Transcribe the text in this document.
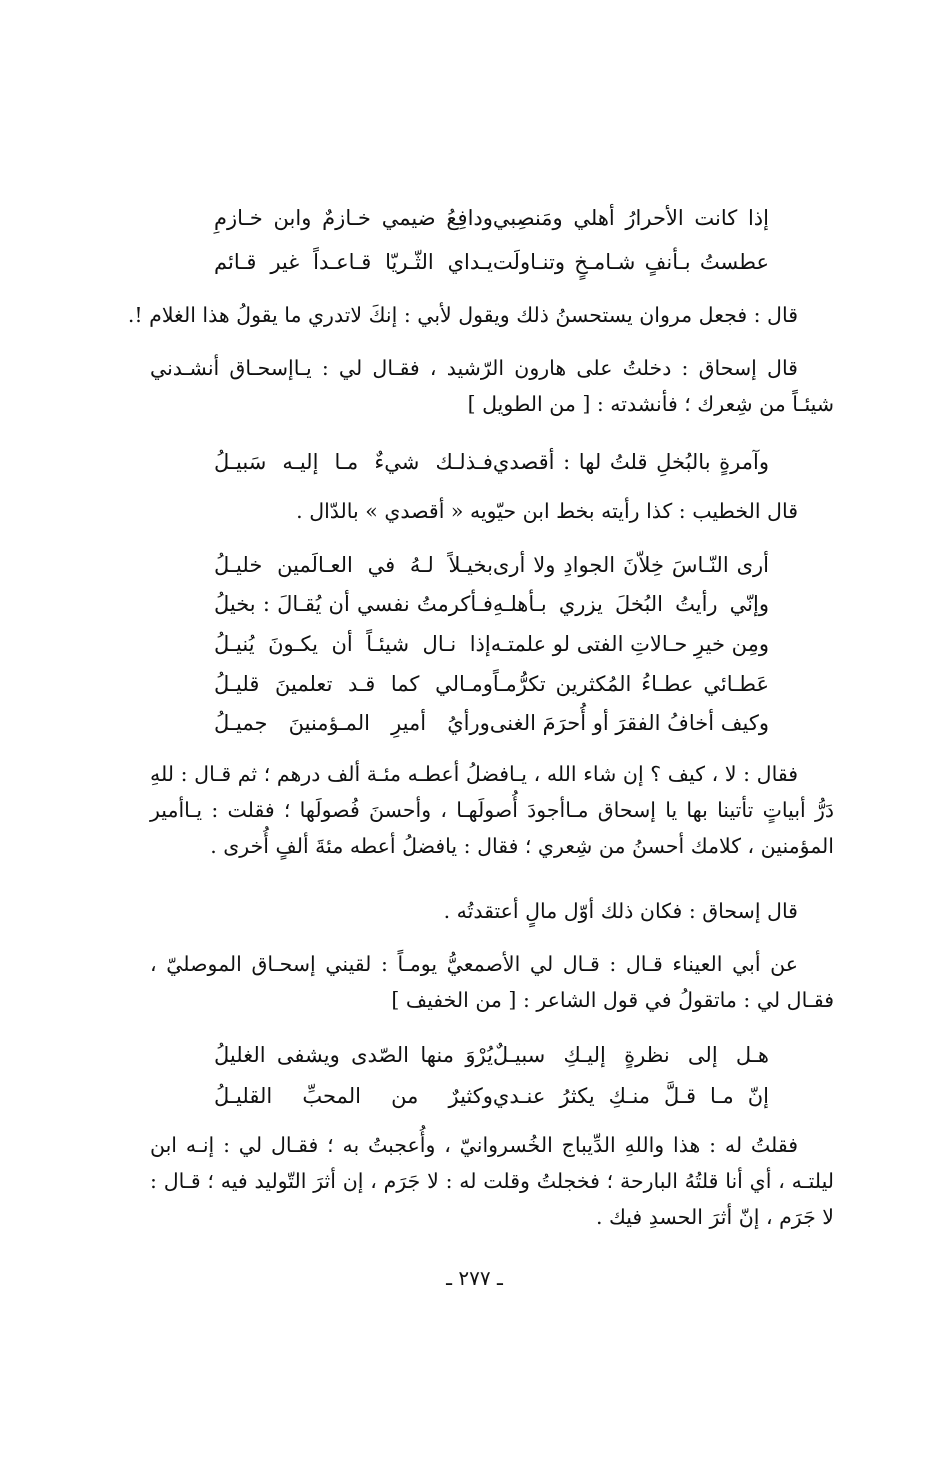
إذا كانت الأحرارُ أهلي ومَنصِبي
ودافِعُ ضيمي خـازمٌ وابن خـازمِ
عطستُ بـأنفٍ شـامـخٍ وتنـاولَت
يـداي الثّـريّا قـاعـداً غير قـائم
قال : فجعل مروان يستحسنُ ذلك ويقول لأبي : إنكَ لاتدري ما يقولُ هذا الغلام !.
قال إسحاق : دخلتُ على هارون الرّشيد ، فقـال لي : يـاإسحـاق أنشـدني شيئـاً من شِعرك ؛ فأنشدته : [ من الطويل ]
وآمرةٍ بالبُخلِ قلتُ لها : أقصدي
فـذلـك شيءٌ مـا إليـه سَبيـلُ
قال الخطيب : كذا رأيته بخط ابن حيّويه « أقصدي » بالدّال .
أرى النّـاسَ خِلاّنَ الجوادِ ولا أرى
بخيـلاً لـهُ في العـالَمين خليـلُ
وإنّي رأيتُ البُخلَ يزري بـأهلـهِ
فـأكرمتُ نفسي أن يُقـالَ : بخيلُ
ومِن خيرِ حـالاتِ الفتى لو علمتـه
إذا نـال شيئـاً أن يكـونَ يُنيـلُ
عَطـائي عطـاءُ المُكثرين تكرُّمـاً
ومـالي كما قـد تعلمينَ قليـلُ
وكيف أخافُ الفقرَ أو أُحرَمَ الغنى
ورأيُ أميرِ المـؤمنينَ جميـلُ
فقال : لا ، كيف ؟ إن شاء الله ، يـافضلُ أعطـه مئـة ألف درهم ؛ ثم قـال : للهِ دَرُّ أبياتٍ تأتينا بها يا إسحاق مـاأجودَ أُصولَهـا ، وأحسنَ فُصولَها ؛ فقلت : يـاأمير المؤمنين ، كلامك أحسنُ من شِعري ؛ فقال : يافضلُ أعطه مئةَ ألفٍ أُخرى .
قال إسحاق : فكان ذلك أوّل مالٍ أعتقدتُه .
عن أبي العيناء قـال : قـال لي الأصمعيُّ يومـاً : لقيني إسحـاق الموصليّ ، فقـال لي : ماتقولُ في قول الشاعر : [ من الخفيف ]
هـل إلى نظرةٍ إليـكِ سبيـلٌ
يُرْوَ منها الصّدى ويشفى الغليلُ
إنّ مـا قـلَّ منـكِ يكثرُ عنـدي
وكثيرٌ من المحبِّ القليـلُ
فقلتُ له : هذا واللهِ الدِّيباج الخُسروانيّ ، وأُعجبتُ به ؛ فقـال لي : إنـه ابن ليلتـه ، أي أنا قلتُهُ البارحة ؛ فخجلتُ وقلت له : لا جَرَم ، إن أثرَ التّوليد فيه ؛ قـال : لا جَرَم ، إنّ أثرَ الحسدِ فيك .
ـ ٢٧٧ ـ
